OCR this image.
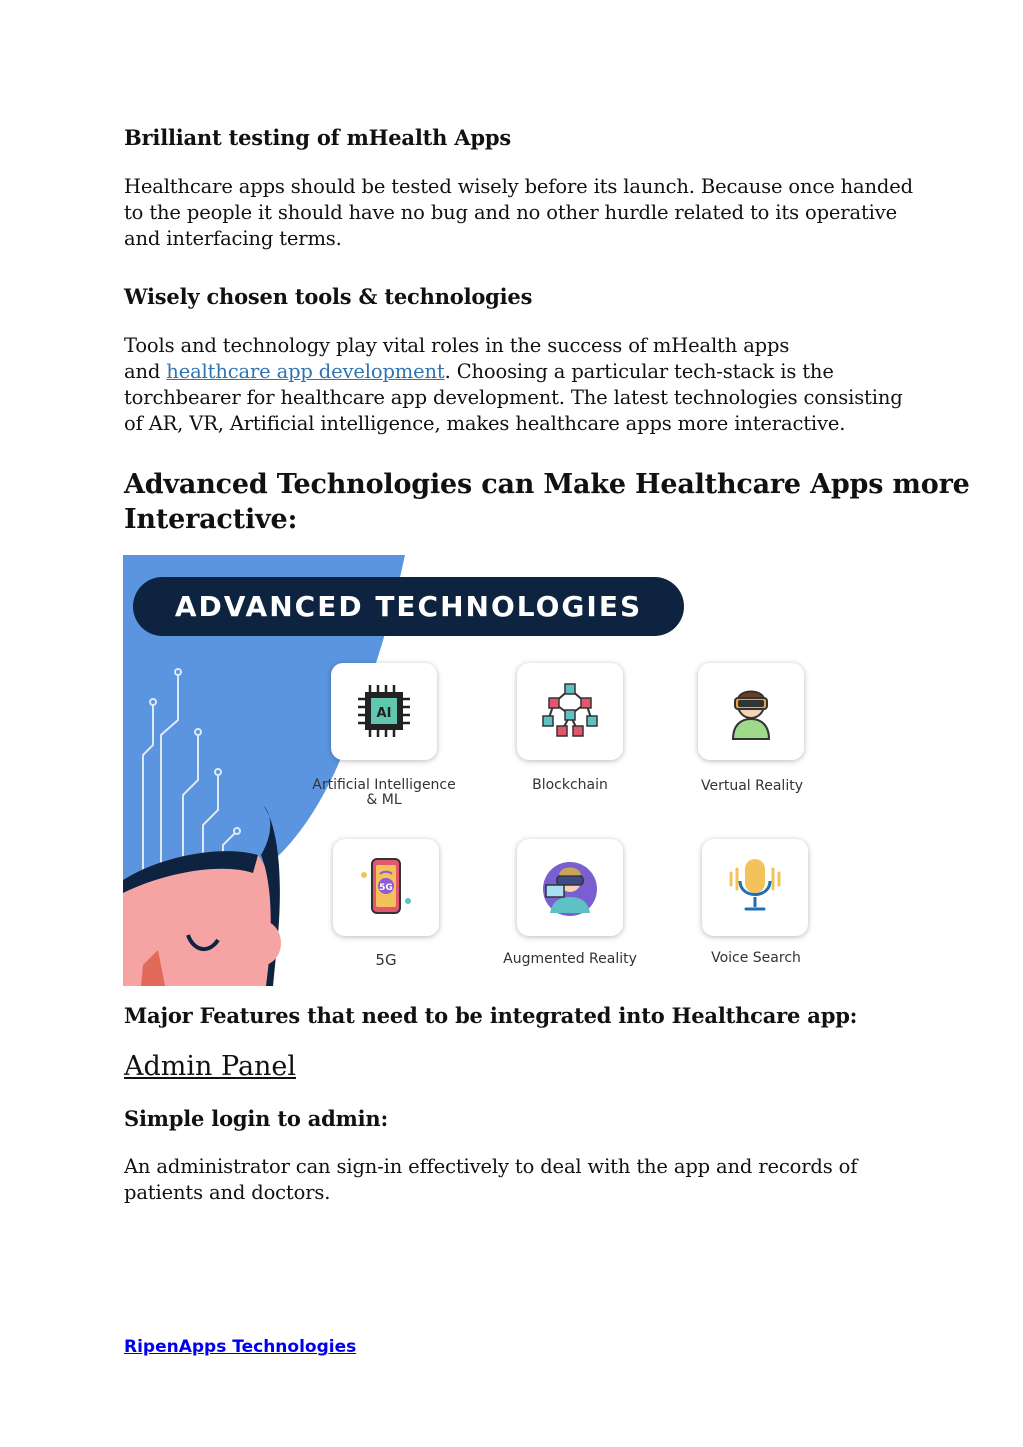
Brilliant testing of mHealth Apps
Healthcare apps should be tested wisely before its launch. Because once handed
to the people it should have no bug and no other hurdle related to its operative
and interfacing terms.
Wisely chosen tools & technologies
Tools and technology play vital roles in the success of mHealth apps
and healthcare app development. Choosing a particular tech-stack is the
torchbearer for healthcare app development. The latest technologies consisting
of AR, VR, Artificial intelligence, makes healthcare apps more interactive.
Advanced Technologies can Make Healthcare Apps more
Interactive:
Major Features that need to be integrated into Healthcare app:
Admin Panel
Simple login to admin:
An administrator can sign-in effectively to deal with the app and records of
patients and doctors.
RipenApps Technologies
ADVANCED TECHNOLOGIES
AI
Artificial Intelligence
& ML
Blockchain	Vertual Reality
5G
5G	Augmented Reality	Voice Search
